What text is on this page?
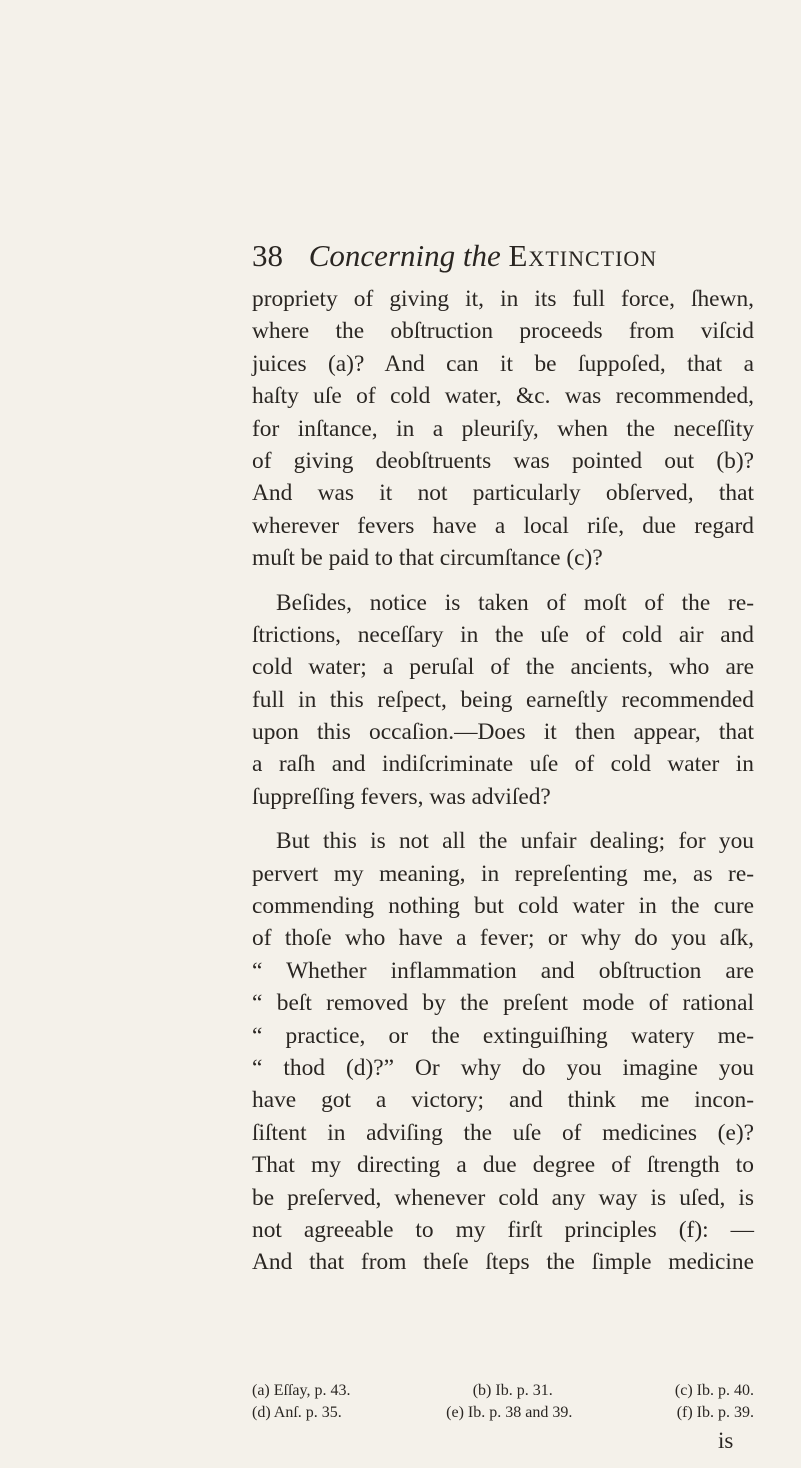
38 Concerning the Extinction
propriety of giving it, in its full force, ſhewn,
where the obſtruction proceeds from viſcid
juices (a)? And can it be ſuppoſed, that a
haſty uſe of cold water, &c. was recommended,
for inſtance, in a pleuriſy, when the neceſſity
of giving deobſtruents was pointed out (b)?
And was it not particularly obſerved, that
wherever fevers have a local riſe, due regard
muſt be paid to that circumſtance (c)?
Beſides, notice is taken of moſt of the re-
ſtrictions, neceſſary in the uſe of cold air and
cold water; a peruſal of the ancients, who are
full in this reſpect, being earneſtly recommended
upon this occaſion.—Does it then appear, that
a raſh and indiſcriminate uſe of cold water in
ſuppreſſing fevers, was adviſed?
But this is not all the unfair dealing; for you
pervert my meaning, in repreſenting me, as re-
commending nothing but cold water in the cure
of thoſe who have a fever; or why do you aſk,
“ Whether inflammation and obſtruction are
“ beſt removed by the preſent mode of rational
“ practice, or the extinguiſhing watery me-
“ thod (d)?” Or why do you imagine you
have got a victory; and think me incon-
ſiſtent in adviſing the uſe of medicines (e)?
That my directing a due degree of ſtrength to
be preſerved, whenever cold any way is uſed, is
not agreeable to my firſt principles (f): —
And that from theſe ſteps the ſimple medicine
(a) Eſſay, p. 43.	(b) Ib. p. 31.	(c) Ib. p. 40.
(d) Anſ. p. 35.	(e) Ib. p. 38 and 39.	(f) Ib. p. 39.
is
